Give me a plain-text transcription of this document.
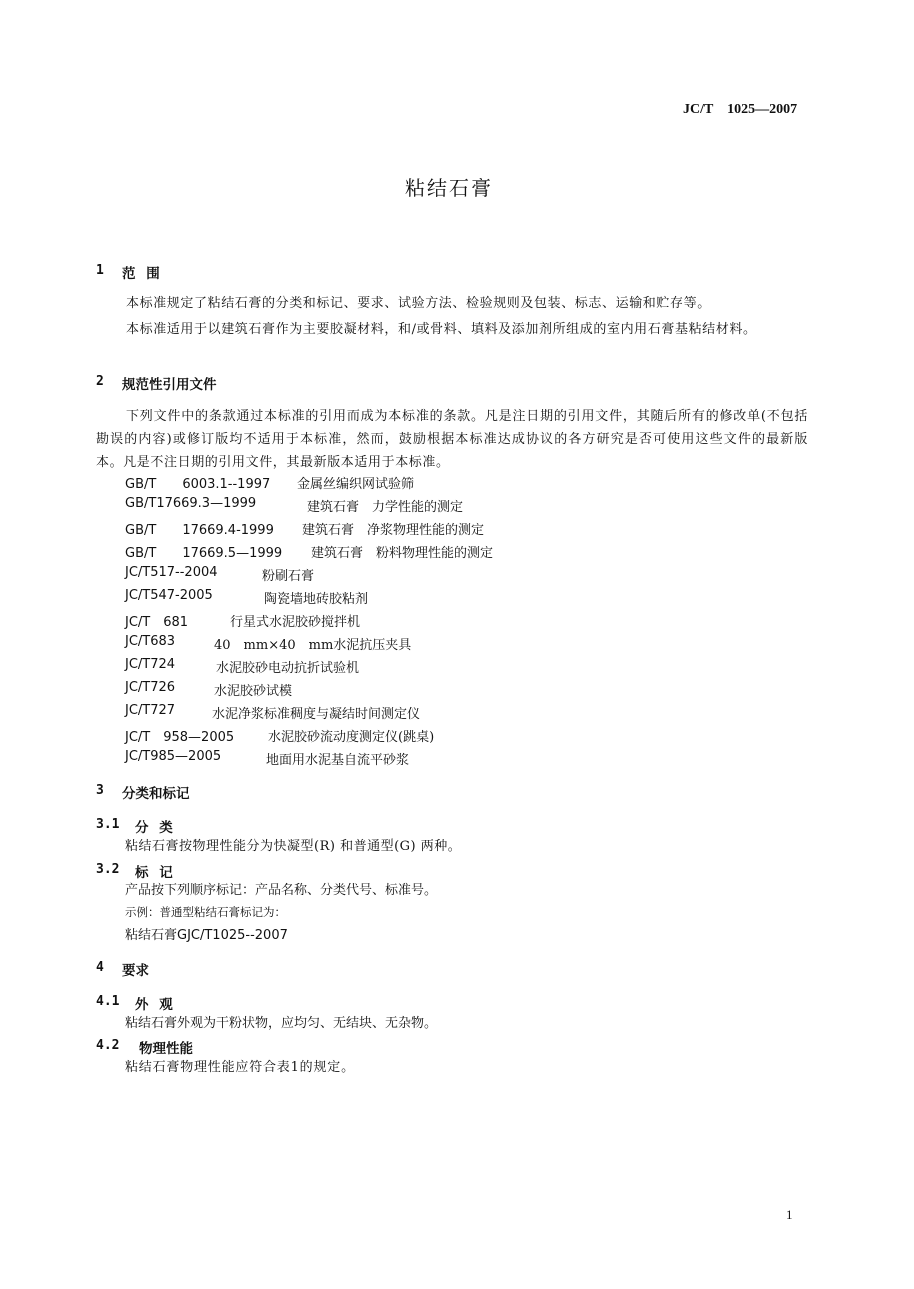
JC/T　1025—2007
粘结石膏
1 范 围
本标准规定了粘结石膏的分类和标记、要求、试验方法、检验规则及包装、标志、运输和贮存等。
本标准适用于以建筑石膏作为主要胶凝材料，和/或骨料、填料及添加剂所组成的室内用石膏基粘结材料。
2 规范性引用文件
下列文件中的条款通过本标准的引用而成为本标准的条款。凡是注日期的引用文件，其随后所有的修改单(不包括勘误的内容)或修订版均不适用于本标准，然而，鼓励根据本标准达成协议的各方研究是否可使用这些文件的最新版本。凡是不注日期的引用文件，其最新版本适用于本标准。
GB/T　　6003.1--1997 金属丝编织网试验筛
GB/T17669.3—1999	建筑石膏　力学性能的测定
GB/T　　17669.4-1999 建筑石膏　净浆物理性能的测定
GB/T　　17669.5—1999 建筑石膏　粉料物理性能的测定
JC/T517--2004	粉刷石膏
JC/T547-2005	陶瓷墙地砖胶粘剂
JC/T　681	行星式水泥胶砂搅拌机
JC/T683	40　mm×40　mm水泥抗压夹具
JC/T724	水泥胶砂电动抗折试验机
JC/T726	水泥胶砂试模
JC/T727	水泥净浆标准稠度与凝结时间测定仪
JC/T　958—2005	水泥胶砂流动度测定仪(跳桌)
JC/T985—2005	地面用水泥基自流平砂浆
3 分类和标记
3.1 分 类
粘结石膏按物理性能分为快凝型(R) 和普通型(G) 两种。
3.2 标 记
产品按下列顺序标记：产品名称、分类代号、标准号。
示例：普通型粘结石膏标记为：
粘结石膏GJC/T1025--2007
4 要求
4.1 外 观
粘结石膏外观为干粉状物，应均匀、无结块、无杂物。
4.2 物理性能
粘结石膏物理性能应符合表1的规定。
1
